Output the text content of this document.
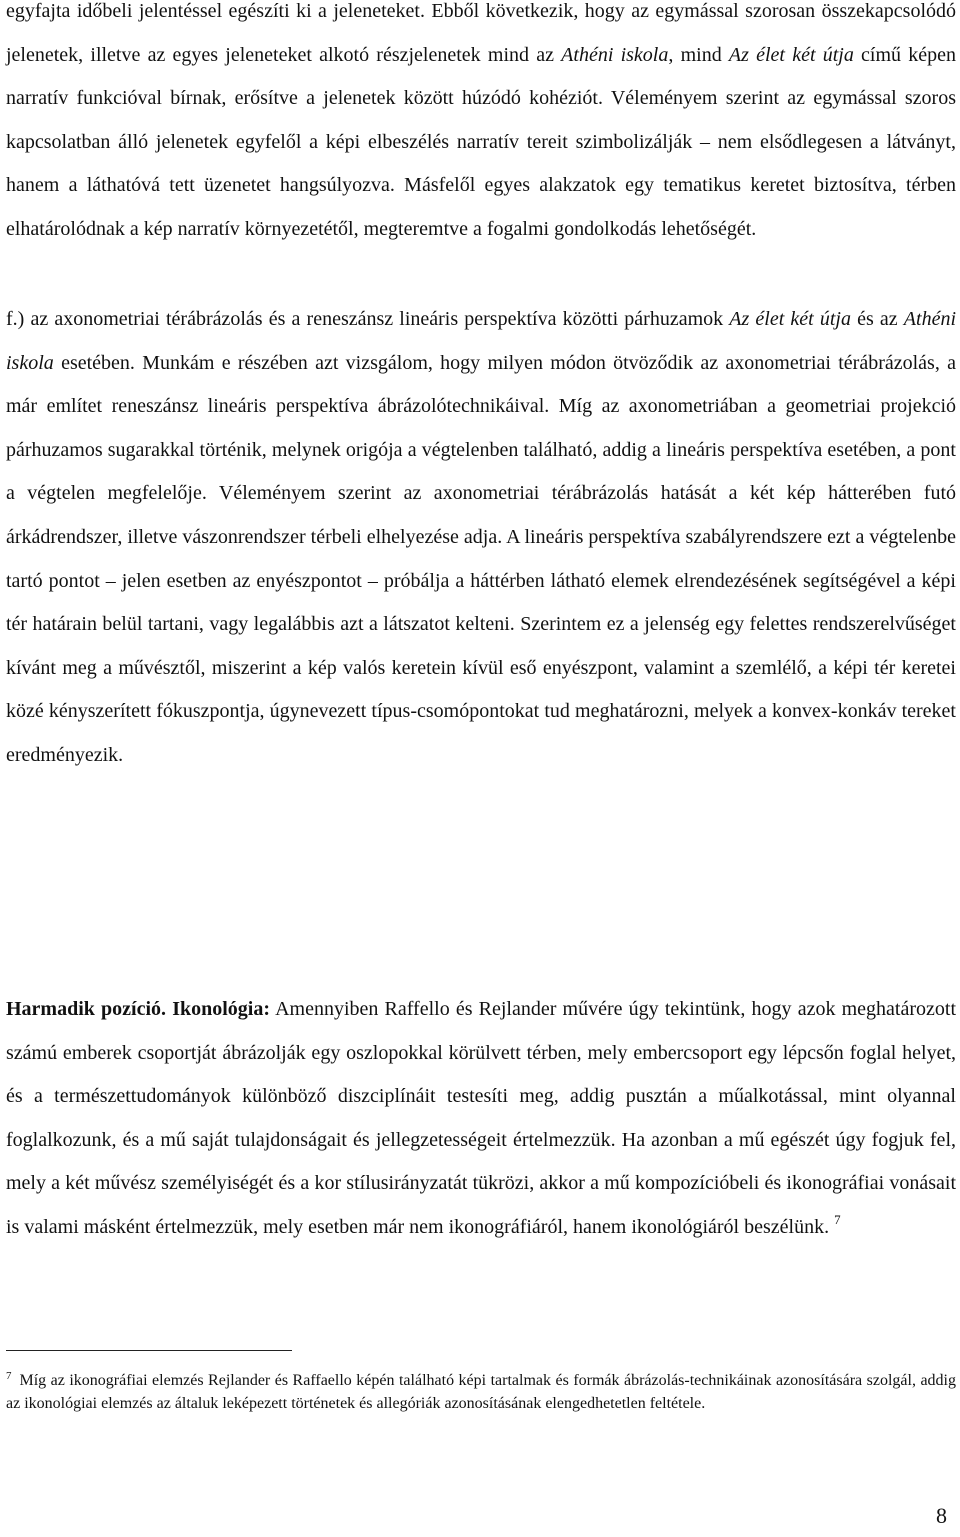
egyfajta időbeli jelentéssel egészíti ki a jeleneteket. Ebből következik, hogy az egymással szorosan összekapcsolódó jelenetek, illetve az egyes jeleneteket alkotó részjelenetek mind az Athéni iskola, mind Az élet két útja című képen narratív funkcióval bírnak, erősítve a jelenetek között húzódó kohéziót. Véleményem szerint az egymással szoros kapcsolatban álló jelenetek egyfelől a képi elbeszélés narratív tereit szimbolizálják – nem elsődlegesen a látványt, hanem a láthatóvá tett üzenetet hangsúlyozva. Másfelől egyes alakzatok egy tematikus keretet biztosítva, térben elhatárolódnak a kép narratív környezetétől, megteremtve a fogalmi gondolkodás lehetőségét.

f.) az axonometriai térábrázolás és a reneszánsz lineáris perspektíva közötti párhuzamok Az élet két útja és az Athéni iskola esetében. Munkám e részében azt vizsgálom, hogy milyen módon ötvöződik az axonometriai térábrázolás, a már említet reneszánsz lineáris perspektíva ábrázolótechnikáival. Míg az axonometriában a geometriai projekció párhuzamos sugarakkal történik, melynek origója a végtelenben található, addig a lineáris perspektíva esetében, a pont a végtelen megfelelője. Véleményem szerint az axonometriai térábrázolás hatását a két kép hátterében futó árkádrendszer, illetve vászonrendszer térbeli elhelyezése adja. A lineáris perspektíva szabályrendszere ezt a végtelenbe tartó pontot – jelen esetben az enyészpontot – próbálja a háttérben látható elemek elrendezésének segítségével a képi tér határain belül tartani, vagy legalábbis azt a látszatot kelteni. Szerintem ez a jelenség egy felettes rendszerelvűséget kívánt meg a művésztől, miszerint a kép valós keretein kívül eső enyészpont, valamint a szemlélő, a képi tér keretei közé kényszerített fókuszpontja, úgynevezett típus-csomópontokat tud meghatározni, melyek a konvex-konkáv tereket eredményezik.

Harmadik pozíció. Ikonológia: Amennyiben Raffello és Rejlander művére úgy tekintünk, hogy azok meghatározott számú emberek csoportját ábrázolják egy oszlopokkal körülvett térben, mely embercsoport egy lépcsőn foglal helyet, és a természettudományok különböző diszciplínáit testesíti meg, addig pusztán a műalkotással, mint olyannal foglalkozunk, és a mű saját tulajdonságait és jellegzetességeit értelmezzük. Ha azonban a mű egészét úgy fogjuk fel, mely a két művész személyiségét és a kor stílusirányzatát tükrözi, akkor a mű kompozícióbeli és ikonográfiai vonásait is valami másként értelmezzük, mely esetben már nem ikonográfiáról, hanem ikonológiáról beszélünk. $^7$

$^7$ Míg az ikonográfiai elemzés Rejlander és Raffaello képén található képi tartalmak és formák ábrázolás-technikáinak azonosítására szolgál, addig az ikonológiai elemzés az általuk leképezett történetek és allegóriák azonosításának elengedhetetlen feltétele.

8
